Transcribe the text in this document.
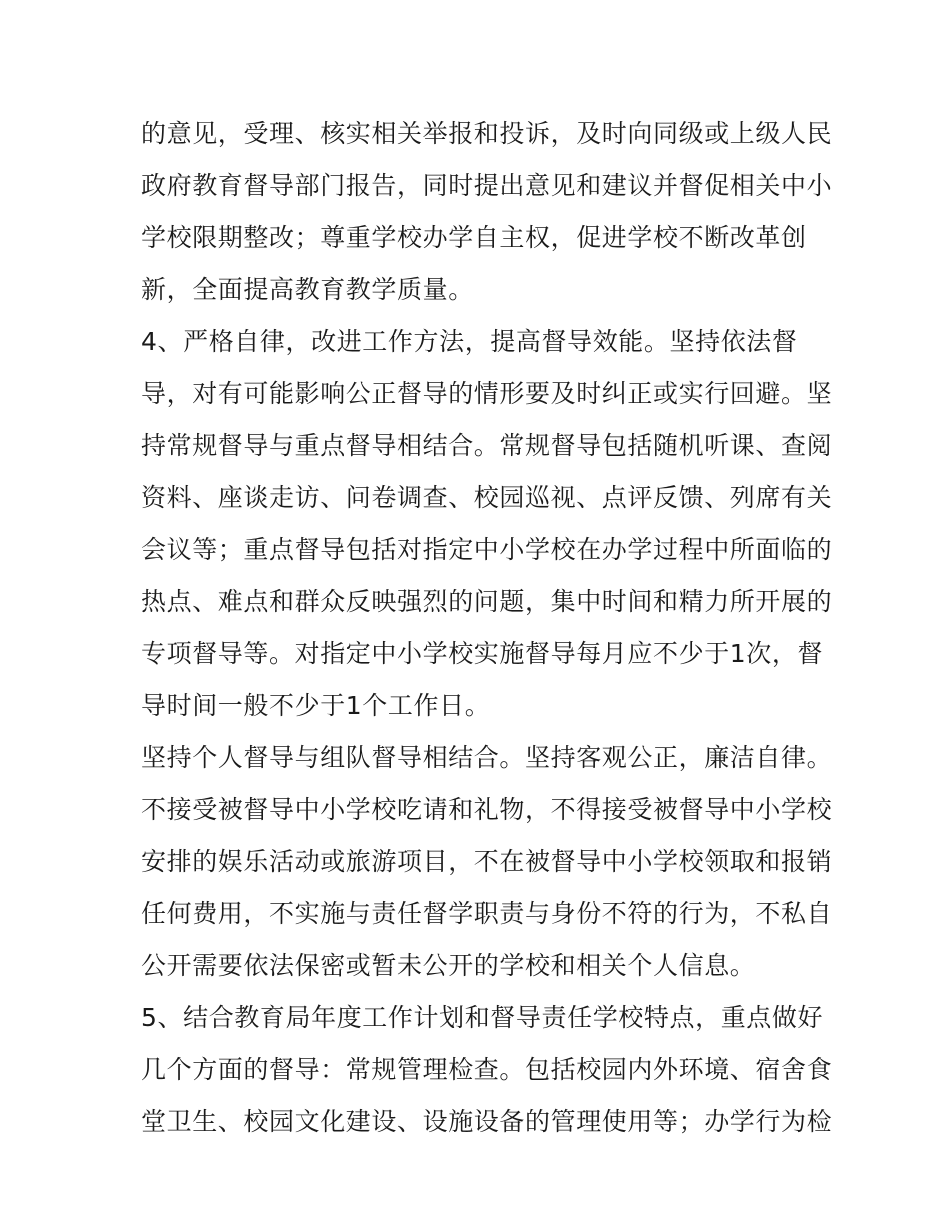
的意见，受理、核实相关举报和投诉，及时向同级或上级人民
政府教育督导部门报告，同时提出意见和建议并督促相关中小
学校限期整改；尊重学校办学自主权，促进学校不断改革创
新，全面提高教育教学质量。
4、严格自律，改进工作方法，提高督导效能。坚持依法督
导，对有可能影响公正督导的情形要及时纠正或实行回避。坚
持常规督导与重点督导相结合。常规督导包括随机听课、查阅
资料、座谈走访、问卷调查、校园巡视、点评反馈、列席有关
会议等；重点督导包括对指定中小学校在办学过程中所面临的
热点、难点和群众反映强烈的问题，集中时间和精力所开展的
专项督导等。对指定中小学校实施督导每月应不少于1次，督
导时间一般不少于1个工作日。
坚持个人督导与组队督导相结合。坚持客观公正，廉洁自律。
不接受被督导中小学校吃请和礼物，不得接受被督导中小学校
安排的娱乐活动或旅游项目，不在被督导中小学校领取和报销
任何费用，不实施与责任督学职责与身份不符的行为，不私自
公开需要依法保密或暂未公开的学校和相关个人信息。
5、结合教育局年度工作计划和督导责任学校特点，重点做好
几个方面的督导：常规管理检查。包括校园内外环境、宿舍食
堂卫生、校园文化建设、设施设备的管理使用等；办学行为检
